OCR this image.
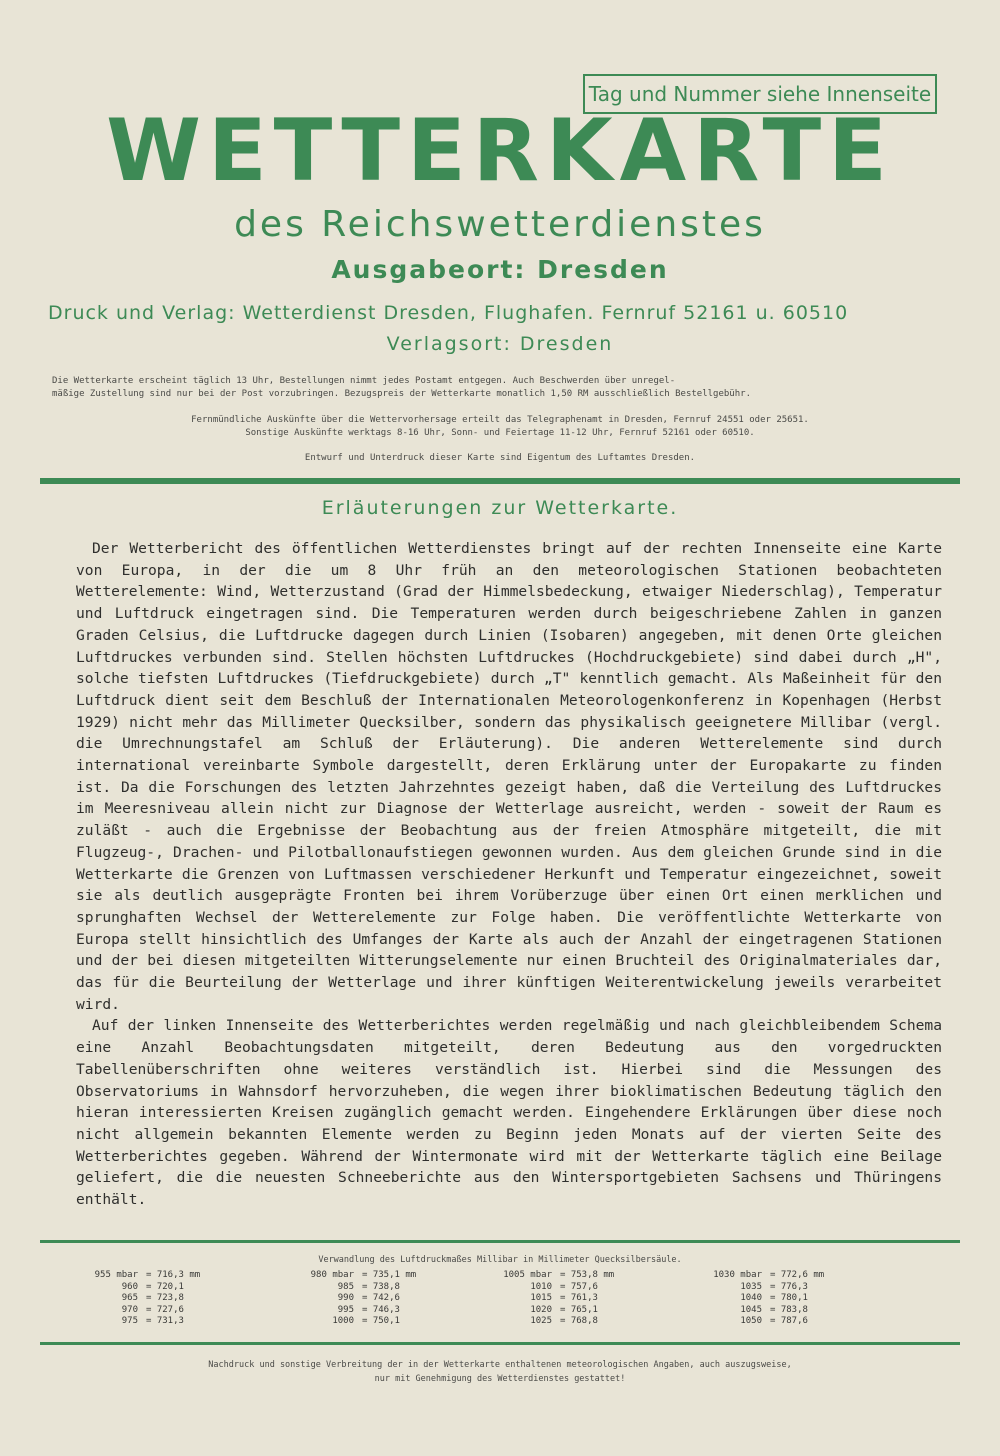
Tag und Nummer siehe Innenseite
WETTERKARTE
des Reichswetterdienstes
Ausgabeort: Dresden
Druck und Verlag: Wetterdienst Dresden, Flughafen. Fernruf 52161 u. 60510
Verlagsort: Dresden
Die Wetterkarte erscheint täglich 13 Uhr, Bestellungen nimmt jedes Postamt entgegen. Auch Beschwerden über unregel-
mäßige Zustellung sind nur bei der Post vorzubringen. Bezugspreis der Wetterkarte monatlich 1,50 RM ausschließlich Bestellgebühr.
Fernmündliche Auskünfte über die Wettervorhersage erteilt das Telegraphenamt in Dresden, Fernruf 24551 oder 25651.
Sonstige Auskünfte werktags 8-16 Uhr, Sonn- und Feiertage 11-12 Uhr, Fernruf 52161 oder 60510.
Entwurf und Unterdruck dieser Karte sind Eigentum des Luftamtes Dresden.
Erläuterungen zur Wetterkarte.

Der Wetterbericht des öffentlichen Wetterdienstes bringt auf der rechten Innenseite eine Karte von Europa, in der die um 8 Uhr früh an den meteorologischen Stationen beobachteten Wetterelemente: Wind, Wetterzustand (Grad der Himmelsbedeckung, etwaiger Niederschlag), Temperatur und Luftdruck eingetragen sind. Die Temperaturen werden durch beigeschriebene Zahlen in ganzen Graden Celsius, die Luftdrucke dagegen durch Linien (Isobaren) angegeben, mit denen Orte gleichen Luftdruckes verbunden sind. Stellen höchsten Luftdruckes (Hochdruckgebiete) sind dabei durch „H", solche tiefsten Luftdruckes (Tiefdruckgebiete) durch „T" kenntlich gemacht. Als Maßeinheit für den Luftdruck dient seit dem Beschluß der Internationalen Meteorologenkonferenz in Kopenhagen (Herbst 1929) nicht mehr das Millimeter Quecksilber, sondern das physikalisch geeignetere Millibar (vergl. die Umrechnungstafel am Schluß der Erläuterung). Die anderen Wetterelemente sind durch international vereinbarte Symbole dargestellt, deren Erklärung unter der Europakarte zu finden ist. Da die Forschungen des letzten Jahrzehntes gezeigt haben, daß die Verteilung des Luftdruckes im Meeresniveau allein nicht zur Diagnose der Wetterlage ausreicht, werden - soweit der Raum es zuläßt - auch die Ergebnisse der Beobachtung aus der freien Atmosphäre mitgeteilt, die mit Flugzeug-, Drachen- und Pilotballonaufstiegen gewonnen wurden. Aus dem gleichen Grunde sind in die Wetterkarte die Grenzen von Luftmassen verschiedener Herkunft und Temperatur eingezeichnet, soweit sie als deutlich ausgeprägte Fronten bei ihrem Vorüberzuge über einen Ort einen merklichen und sprunghaften Wechsel der Wetterelemente zur Folge haben. Die veröffentlichte Wetterkarte von Europa stellt hinsichtlich des Umfanges der Karte als auch der Anzahl der eingetragenen Stationen und der bei diesen mitgeteilten Witterungselemente nur einen Bruchteil des Originalmateriales dar, das für die Beurteilung der Wetterlage und ihrer künftigen Weiterentwickelung jeweils verarbeitet wird.

Auf der linken Innenseite des Wetterberichtes werden regelmäßig und nach gleichbleibendem Schema eine Anzahl Beobachtungsdaten mitgeteilt, deren Bedeutung aus den vorgedruckten Tabellenüberschriften ohne weiteres verständlich ist. Hierbei sind die Messungen des Observatoriums in Wahnsdorf hervorzuheben, die wegen ihrer bioklimatischen Bedeutung täglich den hieran interessierten Kreisen zugänglich gemacht werden. Eingehendere Erklärungen über diese noch nicht allgemein bekannten Elemente werden zu Beginn jeden Monats auf der vierten Seite des Wetterberichtes gegeben. Während der Wintermonate wird mit der Wetterkarte täglich eine Beilage geliefert, die die neuesten Schneeberichte aus den Wintersportgebieten Sachsens und Thüringens enthält.

Verwandlung des Luftdruckmaßes Millibar in Millimeter Quecksilbersäule.
955 mbar = 716,3 mm
960 = 720,1
965 = 723,8
970 = 727,6
975 = 731,3
980 mbar = 735,1 mm
985 = 738,8
990 = 742,6
995 = 746,3
1000 = 750,1
1005 mbar = 753,8 mm
1010 = 757,6
1015 = 761,3
1020 = 765,1
1025 = 768,8
1030 mbar = 772,6 mm
1035 = 776,3
1040 = 780,1
1045 = 783,8
1050 = 787,6
Nachdruck und sonstige Verbreitung der in der Wetterkarte enthaltenen meteorologischen Angaben, auch auszugsweise,
nur mit Genehmigung des Wetterdienstes gestattet!
